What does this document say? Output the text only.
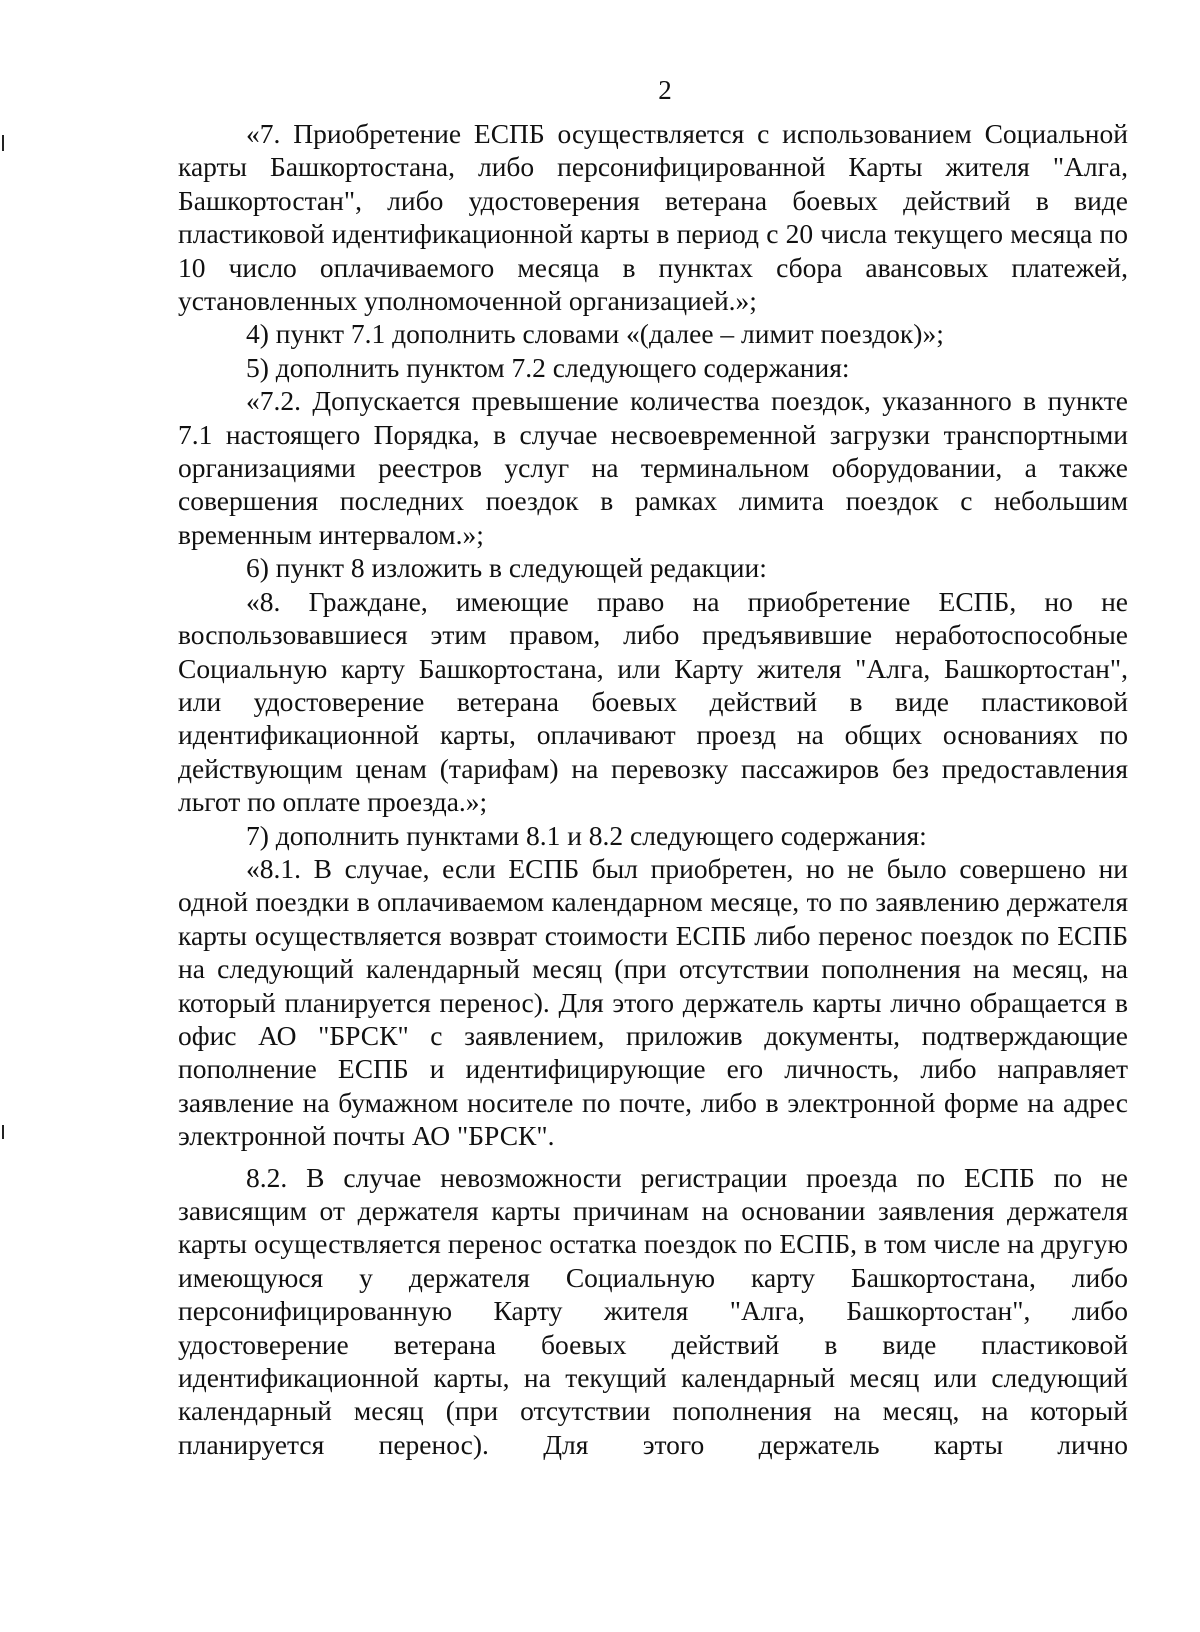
2

«7. Приобретение ЕСПБ осуществляется с использованием Социальной карты Башкортостана, либо персонифицированной Карты жителя "Алга, Башкортостан", либо удостоверения ветерана боевых действий в виде пластиковой идентификационной карты в период с 20 числа текущего месяца по 10 число оплачиваемого месяца в пунктах сбора авансовых платежей, установленных уполномоченной организацией.»;

4) пункт 7.1 дополнить словами «(далее – лимит поездок)»;

5) дополнить пунктом 7.2 следующего содержания:

«7.2. Допускается превышение количества поездок, указанного в пункте 7.1 настоящего Порядка, в случае несвоевременной загрузки транспортными организациями реестров услуг на терминальном оборудовании, а также совершения последних поездок в рамках лимита поездок с небольшим временным интервалом.»;

6) пункт 8 изложить в следующей редакции:

«8. Граждане, имеющие право на приобретение ЕСПБ, но не воспользовавшиеся этим правом, либо предъявившие неработоспособные Социальную карту Башкортостана, или Карту жителя "Алга, Башкортостан", или удостоверение ветерана боевых действий в виде пластиковой идентификационной карты, оплачивают проезд на общих основаниях по действующим ценам (тарифам) на перевозку пассажиров без предоставления льгот по оплате проезда.»;

7) дополнить пунктами 8.1 и 8.2 следующего содержания:

«8.1. В случае, если ЕСПБ был приобретен, но не было совершено ни одной поездки в оплачиваемом календарном месяце, то по заявлению держателя карты осуществляется возврат стоимости ЕСПБ либо перенос поездок по ЕСПБ на следующий календарный месяц (при отсутствии пополнения на месяц, на который планируется перенос). Для этого держатель карты лично обращается в офис АО "БРСК" с заявлением, приложив документы, подтверждающие пополнение ЕСПБ и идентифицирующие его личность, либо направляет заявление на бумажном носителе по почте, либо в электронной форме на адрес электронной почты АО "БРСК".

8.2. В случае невозможности регистрации проезда по ЕСПБ по не зависящим от держателя карты причинам на основании заявления держателя карты осуществляется перенос остатка поездок по ЕСПБ, в том числе на другую имеющуюся у держателя Социальную карту Башкортостана, либо персонифицированную Карту жителя "Алга, Башкортостан", либо удостоверение ветерана боевых действий в виде пластиковой идентификационной карты, на текущий календарный месяц или следующий календарный месяц (при отсутствии пополнения на месяц, на который планируется перенос). Для этого держатель карты лично
